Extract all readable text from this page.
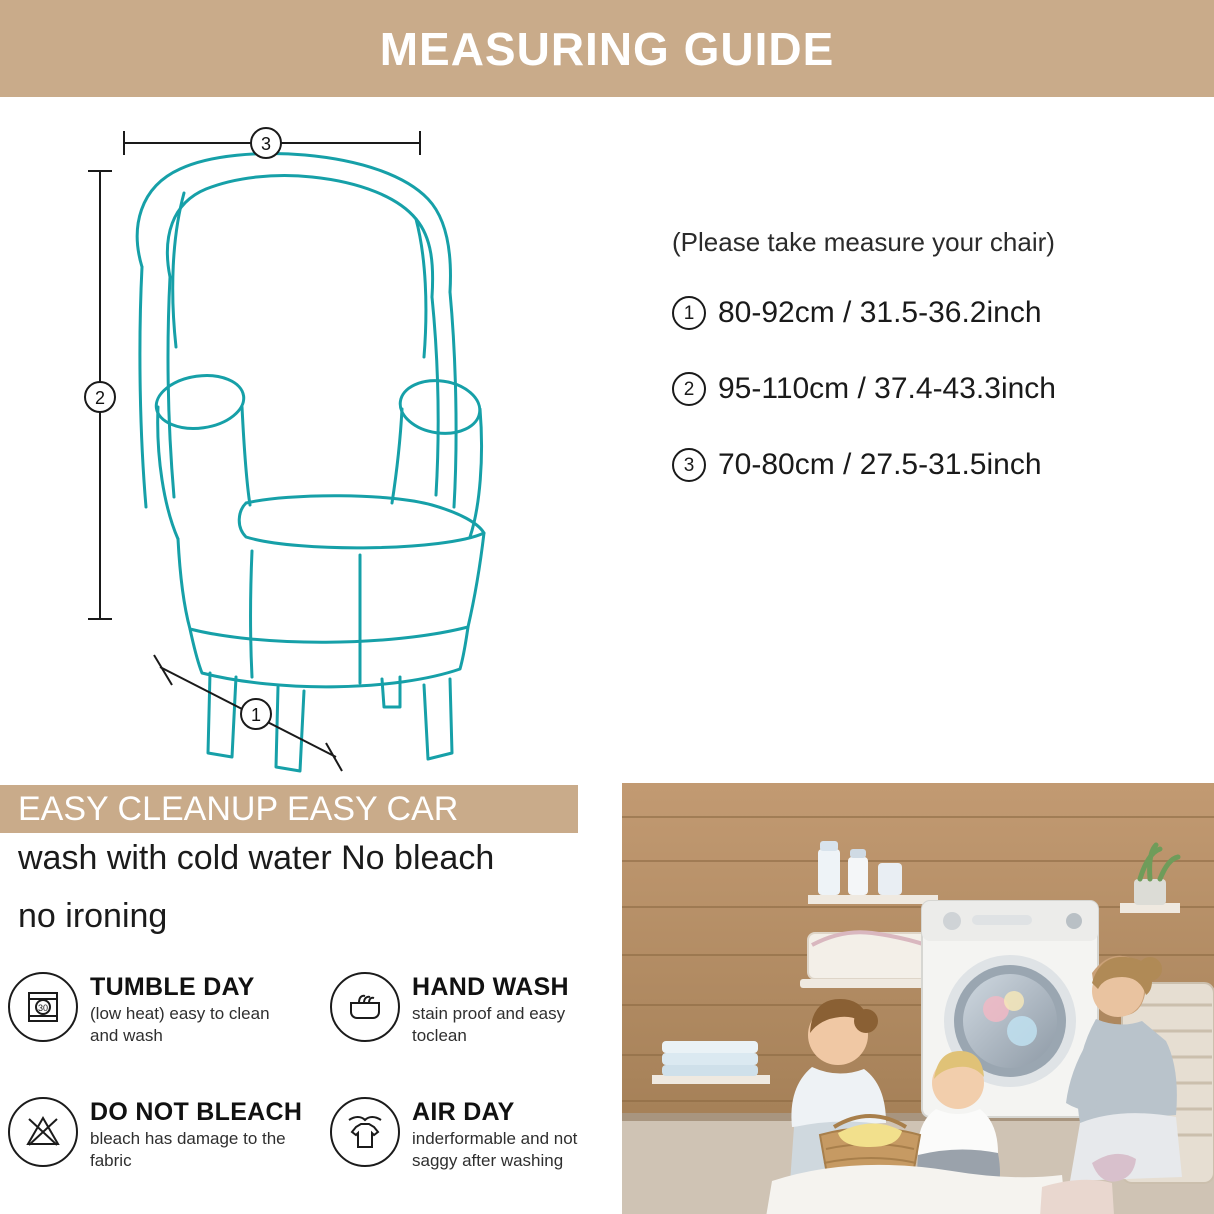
MEASURING GUIDE
3
2
1
(Please take measure your chair)
1 80-92cm / 31.5-36.2inch
2 95-110cm / 37.4-43.3inch
3 70-80cm / 27.5-31.5inch
EASY CLEANUP EASY CAR
wash with cold water No bleach
no ironing
30
TUMBLE DAY
(low heat) easy to clean and wash
HAND WASH
stain proof and easy toclean
DO NOT BLEACH
bleach has damage to the fabric
AIR DAY
inderformable and not saggy after washing
